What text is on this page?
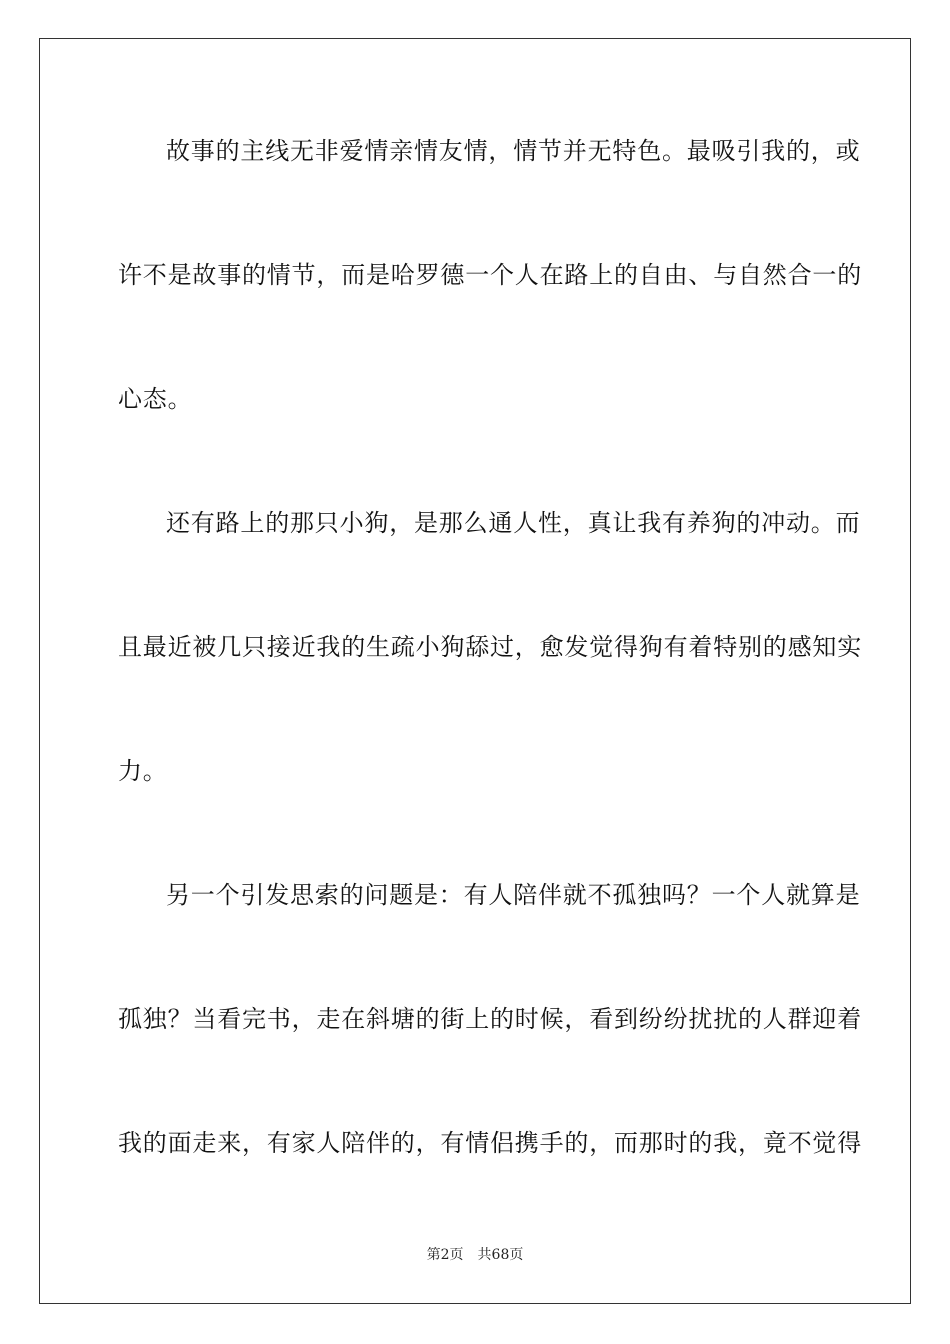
故事的主线无非爱情亲情友情，情节并无特色。最吸引我的，或
许不是故事的情节，而是哈罗德一个人在路上的自由、与自然合一的
心态。
还有路上的那只小狗，是那么通人性，真让我有养狗的冲动。而
且最近被几只接近我的生疏小狗舔过，愈发觉得狗有着特别的感知实
力。
另一个引发思索的问题是：有人陪伴就不孤独吗？一个人就算是
孤独？当看完书，走在斜塘的街上的时候，看到纷纷扰扰的人群迎着
我的面走来，有家人陪伴的，有情侣携手的，而那时的我，竟不觉得
第2页 共68页
